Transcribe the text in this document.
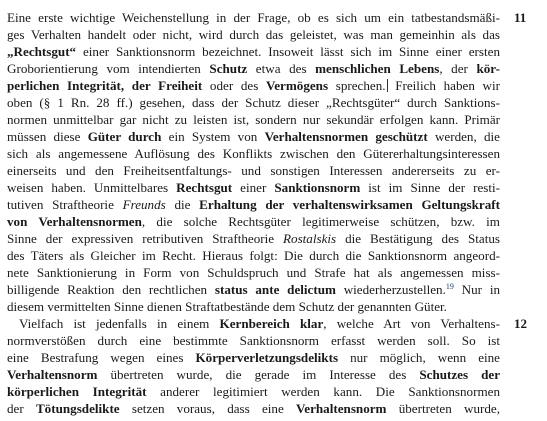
11
12
Eine erste wichtige Weichenstellung in der Frage, ob es sich um ein tatbestandsmäßi-
ges Verhalten handelt oder nicht, wird durch das geleistet, was man gemeinhin als das
„Rechtsgut“ einer Sanktionsnorm bezeichnet. Insoweit lässt sich im Sinne einer ersten
Groborientierung vom intendierten Schutz etwa des menschlichen Lebens, der kör-
perlichen Integrität, der Freiheit oder des Vermögens sprechen. Freilich haben wir
oben (§ 1 Rn. 28 ff.) gesehen, dass der Schutz dieser „Rechtsgüter“ durch Sanktions-
normen unmittelbar gar nicht zu leisten ist, sondern nur sekundär erfolgen kann. Primär
müssen diese Güter durch ein System von Verhaltensnormen geschützt werden, die
sich als angemessene Auflösung des Konflikts zwischen den Gütererhaltungsinteressen
einerseits und den Freiheitsentfaltungs- und sonstigen Interessen andererseits zu er-
weisen haben. Unmittelbares Rechtsgut einer Sanktionsnorm ist im Sinne der resti-
tutiven Straftheorie Freunds die Erhaltung der verhaltenswirksamen Geltungskraft
von Verhaltensnormen, die solche Rechtsgüter legitimerweise schützen, bzw. im
Sinne der expressiven retributiven Straftheorie Rostalskis die Bestätigung des Status
des Täters als Gleicher im Recht. Hieraus folgt: Die durch die Sanktionsnorm angeord-
nete Sanktionierung in Form von Schuldspruch und Strafe hat als angemessen miss-
billigende Reaktion den rechtlichen status ante delictum wiederherzustellen.$^{19}$ Nur in
diesem vermittelten Sinne dienen Straftatbestände dem Schutz der genannten Güter.
Vielfach ist jedenfalls in einem Kernbereich klar, welche Art von Verhaltens-
normverstößen durch eine bestimmte Sanktionsnorm erfasst werden soll. So ist
eine Bestrafung wegen eines Körperverletzungsdelikts nur möglich, wenn eine
Verhaltensnorm übertreten wurde, die gerade im Interesse des Schutzes der
körperlichen Integrität anderer legitimiert werden kann. Die Sanktionsnormen
der Tötungsdelikte setzen voraus, dass eine Verhaltensnorm übertreten wurde,
